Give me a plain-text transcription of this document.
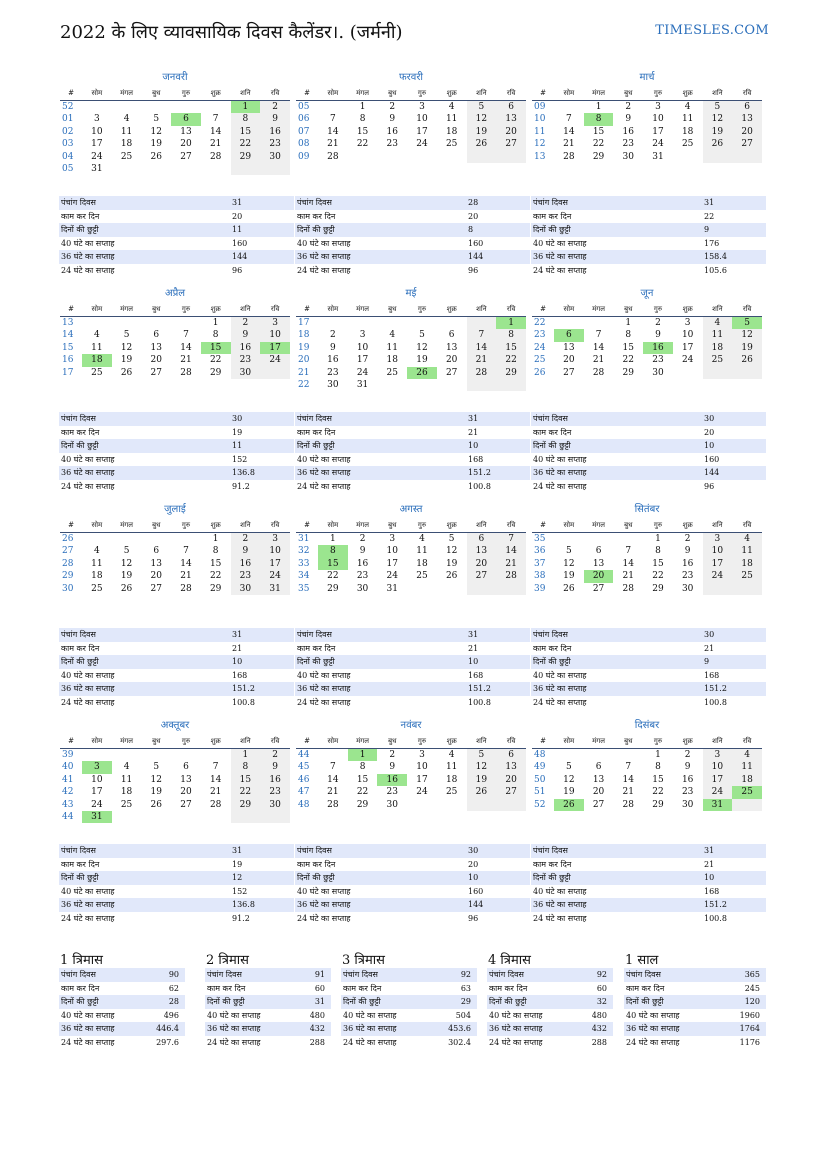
2022 के लिए व्यावसायिक दिवस कैलेंडर।. (जर्मनी)	TIMESLES.COM
जनवरी
#	सोम	मंगल	बुध	गुरु	शुक्र	शनि	रवि
52						1	2
01	3	4	5	6	7	8	9
02	10	11	12	13	14	15	16
03	17	18	19	20	21	22	23
04	24	25	26	27	28	29	30
05	31						
पंचांग दिवस	31
काम कर दिन	20
दिनों की छुट्टी	11
40 घंटे का सप्ताह	160
36 घंटे का सप्ताह	144
24 घंटे का सप्ताह	96
फरवरी
#	सोम	मंगल	बुध	गुरु	शुक्र	शनि	रवि
05		1	2	3	4	5	6
06	7	8	9	10	11	12	13
07	14	15	16	17	18	19	20
08	21	22	23	24	25	26	27
09	28						
पंचांग दिवस	28
काम कर दिन	20
दिनों की छुट्टी	8
40 घंटे का सप्ताह	160
36 घंटे का सप्ताह	144
24 घंटे का सप्ताह	96
मार्च
#	सोम	मंगल	बुध	गुरु	शुक्र	शनि	रवि
09		1	2	3	4	5	6
10	7	8	9	10	11	12	13
11	14	15	16	17	18	19	20
12	21	22	23	24	25	26	27
13	28	29	30	31			
पंचांग दिवस	31
काम कर दिन	22
दिनों की छुट्टी	9
40 घंटे का सप्ताह	176
36 घंटे का सप्ताह	158.4
24 घंटे का सप्ताह	105.6
अप्रैल
#	सोम	मंगल	बुध	गुरु	शुक्र	शनि	रवि
13					1	2	3
14	4	5	6	7	8	9	10
15	11	12	13	14	15	16	17
16	18	19	20	21	22	23	24
17	25	26	27	28	29	30	
पंचांग दिवस	30
काम कर दिन	19
दिनों की छुट्टी	11
40 घंटे का सप्ताह	152
36 घंटे का सप्ताह	136.8
24 घंटे का सप्ताह	91.2
मई
#	सोम	मंगल	बुध	गुरु	शुक्र	शनि	रवि
17							1
18	2	3	4	5	6	7	8
19	9	10	11	12	13	14	15
20	16	17	18	19	20	21	22
21	23	24	25	26	27	28	29
22	30	31					
पंचांग दिवस	31
काम कर दिन	21
दिनों की छुट्टी	10
40 घंटे का सप्ताह	168
36 घंटे का सप्ताह	151.2
24 घंटे का सप्ताह	100.8
जून
#	सोम	मंगल	बुध	गुरु	शुक्र	शनि	रवि
22			1	2	3	4	5
23	6	7	8	9	10	11	12
24	13	14	15	16	17	18	19
25	20	21	22	23	24	25	26
26	27	28	29	30			
पंचांग दिवस	30
काम कर दिन	20
दिनों की छुट्टी	10
40 घंटे का सप्ताह	160
36 घंटे का सप्ताह	144
24 घंटे का सप्ताह	96
जुलाई
#	सोम	मंगल	बुध	गुरु	शुक्र	शनि	रवि
26					1	2	3
27	4	5	6	7	8	9	10
28	11	12	13	14	15	16	17
29	18	19	20	21	22	23	24
30	25	26	27	28	29	30	31
पंचांग दिवस	31
काम कर दिन	21
दिनों की छुट्टी	10
40 घंटे का सप्ताह	168
36 घंटे का सप्ताह	151.2
24 घंटे का सप्ताह	100.8
अगस्त
#	सोम	मंगल	बुध	गुरु	शुक्र	शनि	रवि
31	1	2	3	4	5	6	7
32	8	9	10	11	12	13	14
33	15	16	17	18	19	20	21
34	22	23	24	25	26	27	28
35	29	30	31				
पंचांग दिवस	31
काम कर दिन	21
दिनों की छुट्टी	10
40 घंटे का सप्ताह	168
36 घंटे का सप्ताह	151.2
24 घंटे का सप्ताह	100.8
सितंबर
#	सोम	मंगल	बुध	गुरु	शुक्र	शनि	रवि
35				1	2	3	4
36	5	6	7	8	9	10	11
37	12	13	14	15	16	17	18
38	19	20	21	22	23	24	25
39	26	27	28	29	30		
पंचांग दिवस	30
काम कर दिन	21
दिनों की छुट्टी	9
40 घंटे का सप्ताह	168
36 घंटे का सप्ताह	151.2
24 घंटे का सप्ताह	100.8
अक्तूबर
#	सोम	मंगल	बुध	गुरु	शुक्र	शनि	रवि
39						1	2
40	3	4	5	6	7	8	9
41	10	11	12	13	14	15	16
42	17	18	19	20	21	22	23
43	24	25	26	27	28	29	30
44	31						
पंचांग दिवस	31
काम कर दिन	19
दिनों की छुट्टी	12
40 घंटे का सप्ताह	152
36 घंटे का सप्ताह	136.8
24 घंटे का सप्ताह	91.2
नवंबर
#	सोम	मंगल	बुध	गुरु	शुक्र	शनि	रवि
44		1	2	3	4	5	6
45	7	8	9	10	11	12	13
46	14	15	16	17	18	19	20
47	21	22	23	24	25	26	27
48	28	29	30				
पंचांग दिवस	30
काम कर दिन	20
दिनों की छुट्टी	10
40 घंटे का सप्ताह	160
36 घंटे का सप्ताह	144
24 घंटे का सप्ताह	96
दिसंबर
#	सोम	मंगल	बुध	गुरु	शुक्र	शनि	रवि
48				1	2	3	4
49	5	6	7	8	9	10	11
50	12	13	14	15	16	17	18
51	19	20	21	22	23	24	25
52	26	27	28	29	30	31	
पंचांग दिवस	31
काम कर दिन	21
दिनों की छुट्टी	10
40 घंटे का सप्ताह	168
36 घंटे का सप्ताह	151.2
24 घंटे का सप्ताह	100.8
1 त्रिमास
पंचांग दिवस	90
काम कर दिन	62
दिनों की छुट्टी	28
40 घंटे का सप्ताह	496
36 घंटे का सप्ताह	446.4
24 घंटे का सप्ताह	297.6
2 त्रिमास
पंचांग दिवस	91
काम कर दिन	60
दिनों की छुट्टी	31
40 घंटे का सप्ताह	480
36 घंटे का सप्ताह	432
24 घंटे का सप्ताह	288
3 त्रिमास
पंचांग दिवस	92
काम कर दिन	63
दिनों की छुट्टी	29
40 घंटे का सप्ताह	504
36 घंटे का सप्ताह	453.6
24 घंटे का सप्ताह	302.4
4 त्रिमास
पंचांग दिवस	92
काम कर दिन	60
दिनों की छुट्टी	32
40 घंटे का सप्ताह	480
36 घंटे का सप्ताह	432
24 घंटे का सप्ताह	288
1 साल
पंचांग दिवस	365
काम कर दिन	245
दिनों की छुट्टी	120
40 घंटे का सप्ताह	1960
36 घंटे का सप्ताह	1764
24 घंटे का सप्ताह	1176
